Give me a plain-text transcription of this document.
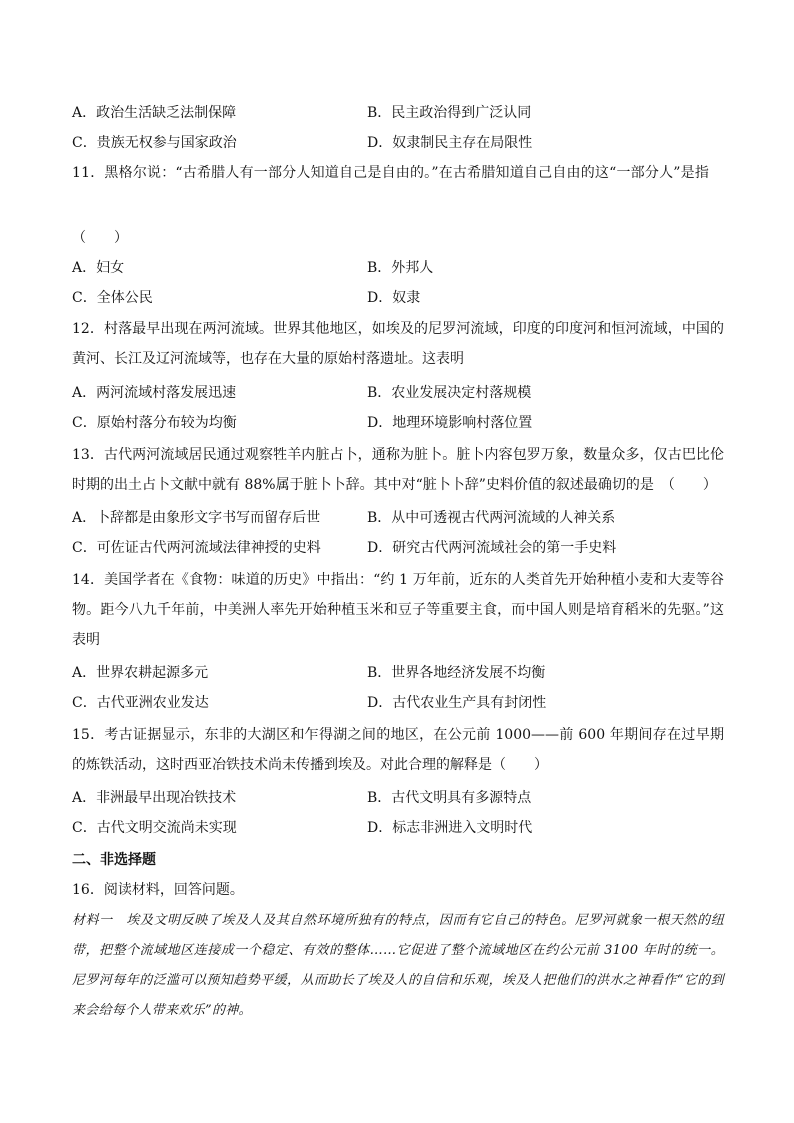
A．政治生活缺乏法制保障	B．民主政治得到广泛认同
C．贵族无权参与国家政治	D．奴隶制民主存在局限性
11．黑格尔说：“古希腊人有一部分人知道自己是自由的。”在古希腊知道自己自由的这“一部分人”是指
（　　）
A．妇女	B．外邦人
C．全体公民	D．奴隶
12．村落最早出现在两河流域。世界其他地区，如埃及的尼罗河流域，印度的印度河和恒河流域，中国的黄河、长江及辽河流域等，也存在大量的原始村落遗址。这表明
A．两河流域村落发展迅速	B．农业发展决定村落规模
C．原始村落分布较为均衡	D．地理环境影响村落位置
13．古代两河流域居民通过观察牲羊内脏占卜，通称为脏卜。脏卜内容包罗万象，数量众多，仅古巴比伦时期的出土占卜文献中就有 88%属于脏卜卜辞。其中对“脏卜卜辞”史料价值的叙述最确切的是　（　　）
A．卜辞都是由象形文字书写而留存后世	B．从中可透视古代两河流域的人神关系
C．可佐证古代两河流域法律神授的史料	D．研究古代两河流域社会的第一手史料
14．美国学者在《食物：味道的历史》中指出：“约 1 万年前，近东的人类首先开始种植小麦和大麦等谷物。距今八九千年前，中美洲人率先开始种植玉米和豆子等重要主食，而中国人则是培育稻米的先驱。”这表明
A．世界农耕起源多元	B．世界各地经济发展不均衡
C．古代亚洲农业发达	D．古代农业生产具有封闭性
15．考古证据显示，东非的大湖区和乍得湖之间的地区，在公元前 1000——前 600 年期间存在过早期的炼铁活动，这时西亚冶铁技术尚未传播到埃及。对此合理的解释是（　　）
A．非洲最早出现冶铁技术	B．古代文明具有多源特点
C．古代文明交流尚未实现	D．标志非洲进入文明时代
二、非选择题
16．阅读材料，回答问题。
材料一　埃及文明反映了埃及人及其自然环境所独有的特点，因而有它自己的特色。尼罗河就象一根天然的纽带，把整个流域地区连接成一个稳定、有效的整体……它促进了整个流域地区在约公元前 3100 年时的统一。尼罗河每年的泛滥可以预知趋势平缓，从而助长了埃及人的自信和乐观，埃及人把他们的洪水之神看作“它的到来会给每个人带来欢乐”的神。
